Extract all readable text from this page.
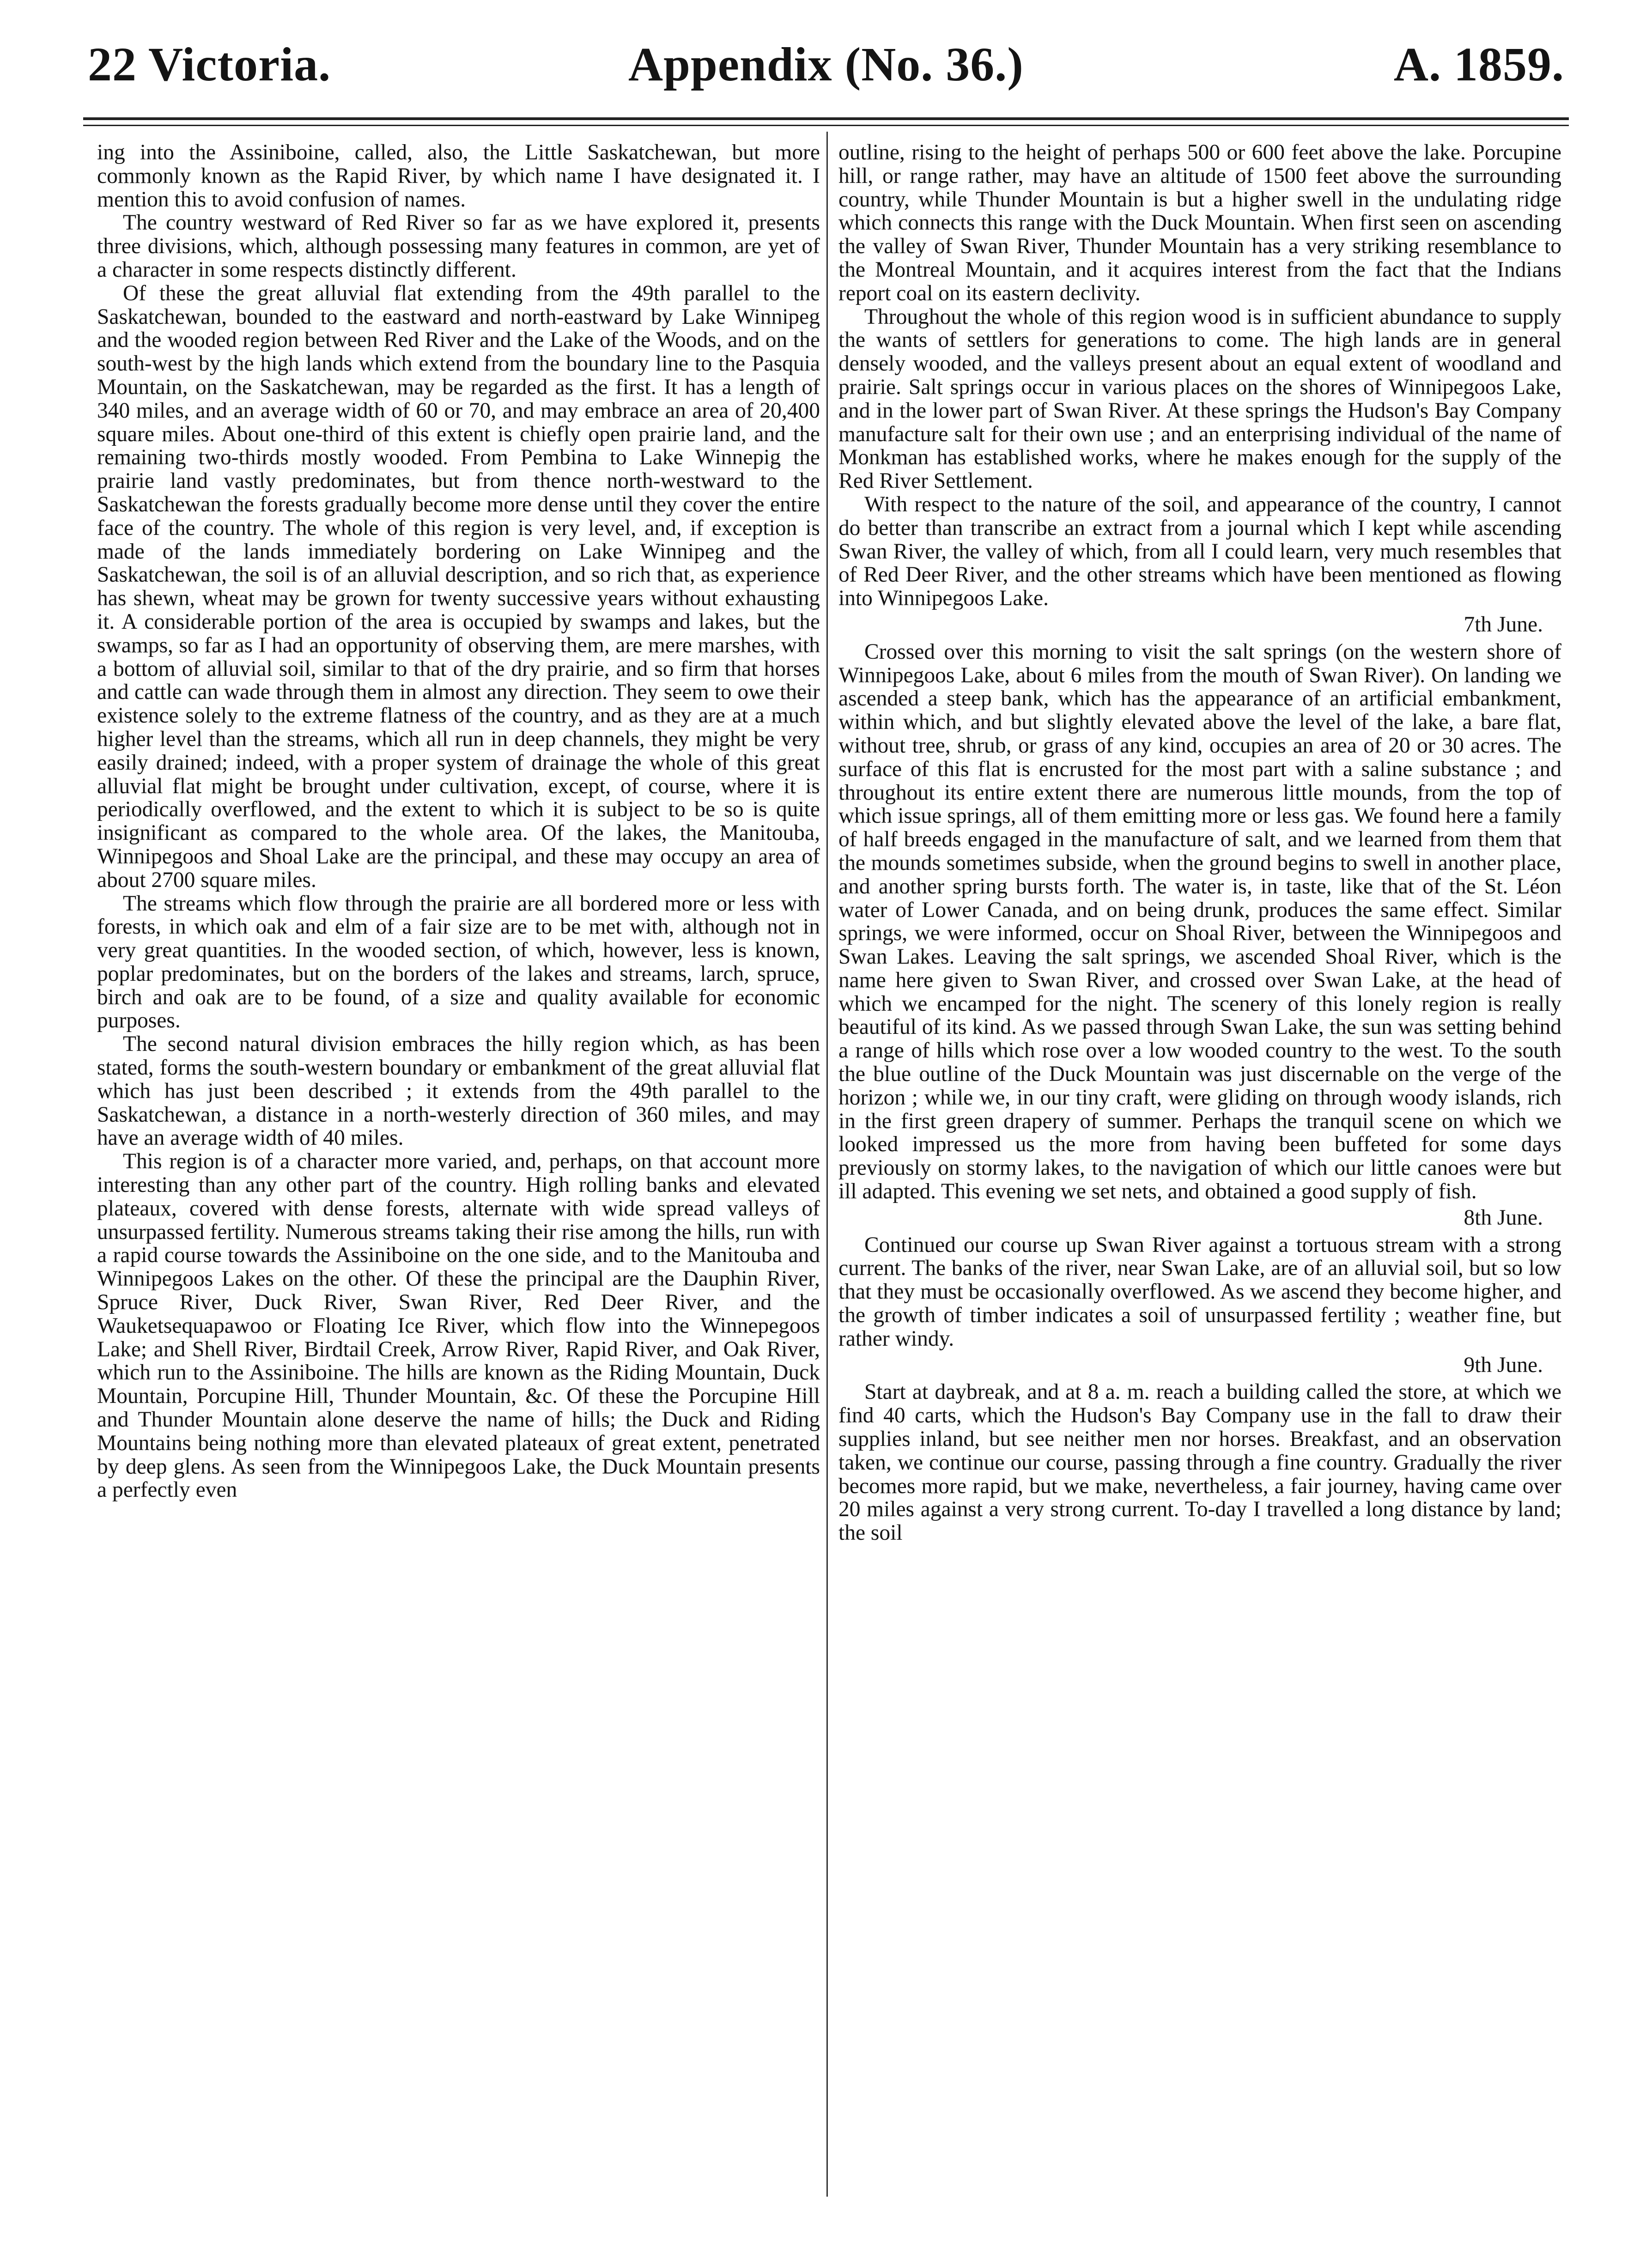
22 Victoria.	Appendix (No. 36.)	A. 1859.

ing into the Assiniboine, called, also, the Little Saskatchewan, but more commonly known as the Rapid River, by which name I have designated it. I mention this to avoid confusion of names.

The country westward of Red River so far as we have explored it, presents three divisions, which, although possessing many features in common, are yet of a character in some respects distinctly different.

Of these the great alluvial flat extending from the 49th parallel to the Saskatchewan, bounded to the eastward and north-eastward by Lake Winnipeg and the wooded region between Red River and the Lake of the Woods, and on the south-west by the high lands which extend from the boundary line to the Pasquia Mountain, on the Saskatchewan, may be regarded as the first. It has a length of 340 miles, and an average width of 60 or 70, and may embrace an area of 20,400 square miles. About one-third of this extent is chiefly open prairie land, and the remaining two-thirds mostly wooded. From Pembina to Lake Winnepig the prairie land vastly predominates, but from thence north-westward to the Saskatchewan the forests gradually become more dense until they cover the entire face of the country. The whole of this region is very level, and, if exception is made of the lands immediately bordering on Lake Winnipeg and the Saskatchewan, the soil is of an alluvial description, and so rich that, as experience has shewn, wheat may be grown for twenty successive years without exhausting it. A considerable portion of the area is occupied by swamps and lakes, but the swamps, so far as I had an opportunity of observing them, are mere marshes, with a bottom of alluvial soil, similar to that of the dry prairie, and so firm that horses and cattle can wade through them in almost any direction. They seem to owe their existence solely to the extreme flatness of the country, and as they are at a much higher level than the streams, which all run in deep channels, they might be very easily drained; indeed, with a proper system of drainage the whole of this great alluvial flat might be brought under cultivation, except, of course, where it is periodically overflowed, and the extent to which it is subject to be so is quite insignificant as compared to the whole area. Of the lakes, the Manitouba, Winnipegoos and Shoal Lake are the principal, and these may occupy an area of about 2700 square miles.

The streams which flow through the prairie are all bordered more or less with forests, in which oak and elm of a fair size are to be met with, although not in very great quantities. In the wooded section, of which, however, less is known, poplar predominates, but on the borders of the lakes and streams, larch, spruce, birch and oak are to be found, of a size and quality available for economic purposes.

The second natural division embraces the hilly region which, as has been stated, forms the south-western boundary or embankment of the great alluvial flat which has just been described ; it extends from the 49th parallel to the Saskatchewan, a distance in a north-westerly direction of 360 miles, and may have an average width of 40 miles.

This region is of a character more varied, and, perhaps, on that account more interesting than any other part of the country. High rolling banks and elevated plateaux, covered with dense forests, alternate with wide spread valleys of unsurpassed fertility. Numerous streams taking their rise among the hills, run with a rapid course towards the Assiniboine on the one side, and to the Manitouba and Winnipegoos Lakes on the other. Of these the principal are the Dauphin River, Spruce River, Duck River, Swan River, Red Deer River, and the Wauketsequapawoo or Floating Ice River, which flow into the Winnepegoos Lake; and Shell River, Birdtail Creek, Arrow River, Rapid River, and Oak River, which run to the Assiniboine. The hills are known as the Riding Mountain, Duck Mountain, Porcupine Hill, Thunder Mountain, &c. Of these the Porcupine Hill and Thunder Mountain alone deserve the name of hills; the Duck and Riding Mountains being nothing more than elevated plateaux of great extent, penetrated by deep glens. As seen from the Winnipegoos Lake, the Duck Mountain presents a perfectly even

outline, rising to the height of perhaps 500 or 600 feet above the lake. Porcupine hill, or range rather, may have an altitude of 1500 feet above the surrounding country, while Thunder Mountain is but a higher swell in the undulating ridge which connects this range with the Duck Mountain. When first seen on ascending the valley of Swan River, Thunder Mountain has a very striking resemblance to the Montreal Mountain, and it acquires interest from the fact that the Indians report coal on its eastern declivity.

Throughout the whole of this region wood is in sufficient abundance to supply the wants of settlers for generations to come. The high lands are in general densely wooded, and the valleys present about an equal extent of woodland and prairie. Salt springs occur in various places on the shores of Winnipegoos Lake, and in the lower part of Swan River. At these springs the Hudson's Bay Company manufacture salt for their own use ; and an enterprising individual of the name of Monkman has established works, where he makes enough for the supply of the Red River Settlement.

With respect to the nature of the soil, and appearance of the country, I cannot do better than transcribe an extract from a journal which I kept while ascending Swan River, the valley of which, from all I could learn, very much resembles that of Red Deer River, and the other streams which have been mentioned as flowing into Winnipegoos Lake.

7th June.

Crossed over this morning to visit the salt springs (on the western shore of Winnipegoos Lake, about 6 miles from the mouth of Swan River). On landing we ascended a steep bank, which has the appearance of an artificial embankment, within which, and but slightly elevated above the level of the lake, a bare flat, without tree, shrub, or grass of any kind, occupies an area of 20 or 30 acres. The surface of this flat is encrusted for the most part with a saline substance ; and throughout its entire extent there are numerous little mounds, from the top of which issue springs, all of them emitting more or less gas. We found here a family of half breeds engaged in the manufacture of salt, and we learned from them that the mounds sometimes subside, when the ground begins to swell in another place, and another spring bursts forth. The water is, in taste, like that of the St. Léon water of Lower Canada, and on being drunk, produces the same effect. Similar springs, we were informed, occur on Shoal River, between the Winnipegoos and Swan Lakes. Leaving the salt springs, we ascended Shoal River, which is the name here given to Swan River, and crossed over Swan Lake, at the head of which we encamped for the night. The scenery of this lonely region is really beautiful of its kind. As we passed through Swan Lake, the sun was setting behind a range of hills which rose over a low wooded country to the west. To the south the blue outline of the Duck Mountain was just discernable on the verge of the horizon ; while we, in our tiny craft, were gliding on through woody islands, rich in the first green drapery of summer. Perhaps the tranquil scene on which we looked impressed us the more from having been buffeted for some days previously on stormy lakes, to the navigation of which our little canoes were but ill adapted. This evening we set nets, and obtained a good supply of fish.

8th June.

Continued our course up Swan River against a tortuous stream with a strong current. The banks of the river, near Swan Lake, are of an alluvial soil, but so low that they must be occasionally overflowed. As we ascend they become higher, and the growth of timber indicates a soil of unsurpassed fertility ; weather fine, but rather windy.

9th June.

Start at daybreak, and at 8 a. m. reach a building called the store, at which we find 40 carts, which the Hudson's Bay Company use in the fall to draw their supplies inland, but see neither men nor horses. Breakfast, and an observation taken, we continue our course, passing through a fine country. Gradually the river becomes more rapid, but we make, nevertheless, a fair journey, having came over 20 miles against a very strong current. To-day I travelled a long distance by land; the soil
